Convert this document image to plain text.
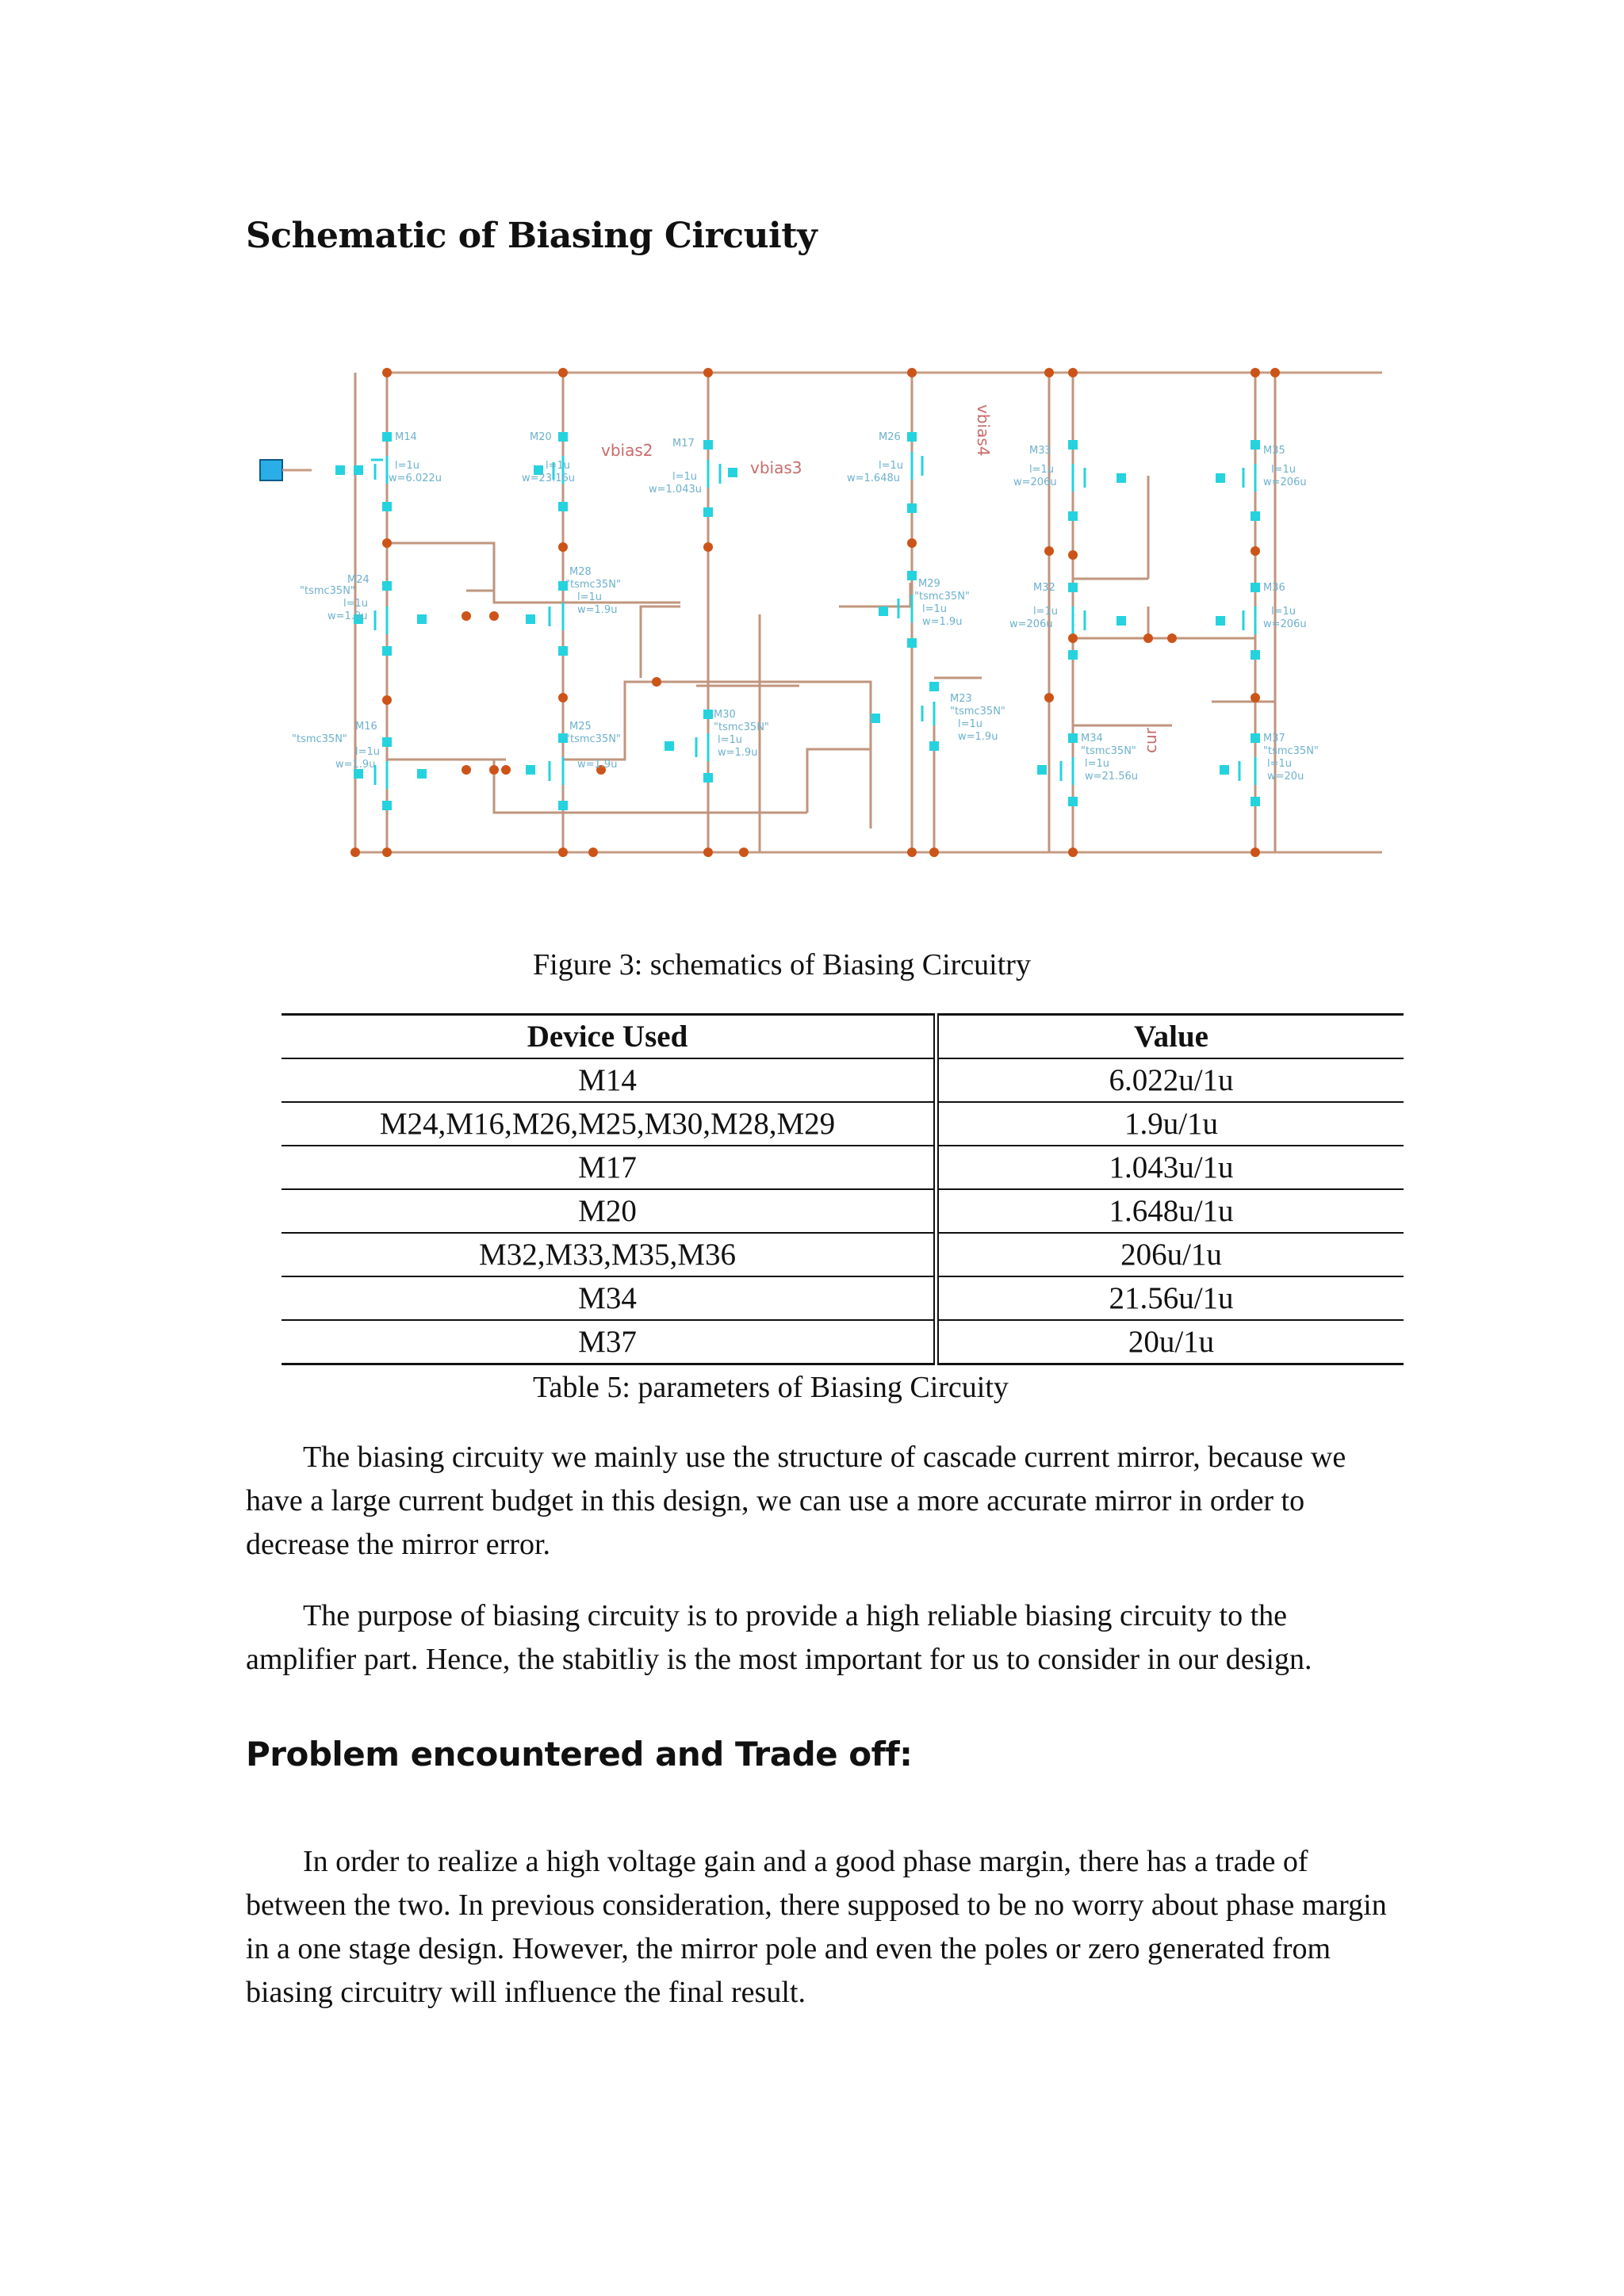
Schematic of Biasing Circuity
vbias2
vbias3
vbias4
cur
M14
l=1u
w=6.022u
M20
l=1u
w=23.16u
M17
l=1u
w=1.043u
M26
l=1u
w=1.648u
M33
l=1u
w=206u
M35
l=1u
w=206u
M24
"tsmc35N"
l=1u
w=1.9u
M28
"tsmc35N"
l=1u
w=1.9u
M29
"tsmc35N"
l=1u
w=1.9u
M32
l=1u
w=206u
M36
l=1u
w=206u
M16
"tsmc35N"
l=1u
w=1.9u
M25
"tsmc35N"
w=1.9u
M30
"tsmc35N"
l=1u
w=1.9u
M34
"tsmc35N"
l=1u
w=21.56u
M37
"tsmc35N"
l=1u
w=20u
M23
"tsmc35N"
l=1u
w=1.9u

Figure 3: schematics of Biasing Circuitry

Device Used	Value
M14	6.022u/1u
M24,M16,M26,M25,M30,M28,M29	1.9u/1u
M17	1.043u/1u
M20	1.648u/1u
M32,M33,M35,M36	206u/1u
M34	21.56u/1u
M37	20u/1u

Table 5: parameters of Biasing Circuity

The biasing circuity we mainly use the structure of cascade current mirror, because we have a large current budget in this design, we can use a more accurate mirror in order to decrease the mirror error.

The purpose of biasing circuity is to provide a high reliable biasing circuity to the amplifier part. Hence, the stabitliy is the most important for us to consider in our design.

Problem encountered and Trade off:

In order to realize a high voltage gain and a good phase margin, there has a trade of between the two. In previous consideration, there supposed to be no worry about phase margin in a one stage design. However, the mirror pole and even the poles or zero generated from biasing circuitry will influence the final result.
